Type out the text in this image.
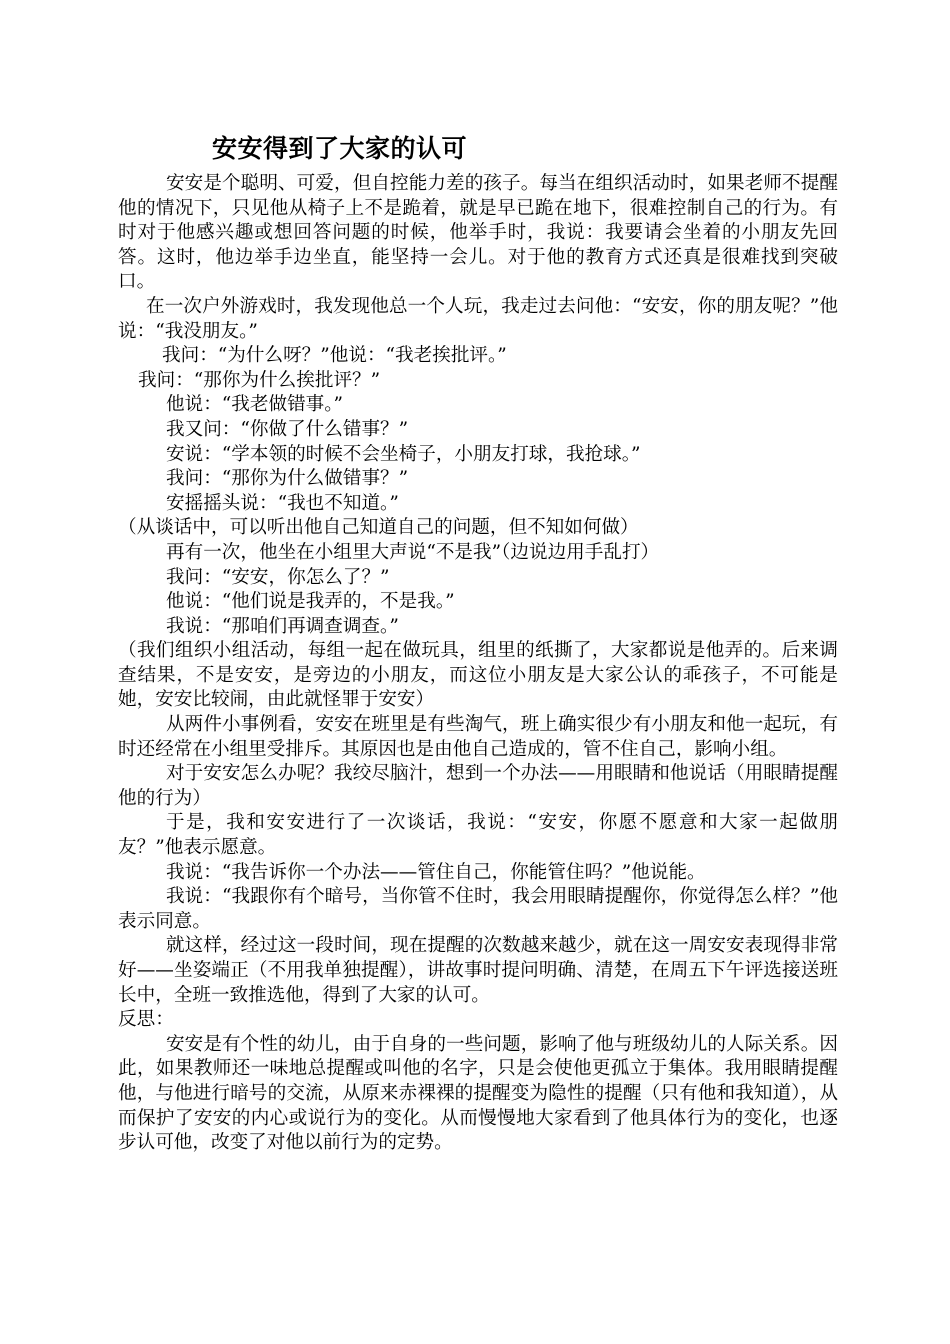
安安得到了大家的认可

安安是个聪明、可爱，但自控能力差的孩子。每当在组织活动时，如果老师不提醒他的情况下，只见他从椅子上不是跪着，就是早已跪在地下，很难控制自己的行为。有时对于他感兴趣或想回答问题的时候，他举手时，我说：我要请会坐着的小朋友先回答。这时，他边举手边坐直，能坚持一会儿。对于他的教育方式还真是很难找到突破口。

在一次户外游戏时，我发现他总一个人玩，我走过去问他：“安安，你的朋友呢？”他说：“我没朋友。”

我问：“为什么呀？”他说：“我老挨批评。”

我问：“那你为什么挨批评？”

他说：“我老做错事。”

我又问：“你做了什么错事？”

安说：“学本领的时候不会坐椅子，小朋友打球，我抢球。”

我问：“那你为什么做错事？”

安摇摇头说：“我也不知道。”

（从谈话中，可以听出他自己知道自己的问题，但不知如何做）

再有一次，他坐在小组里大声说“不是我”（边说边用手乱打）

我问：“安安，你怎么了？”

他说：“他们说是我弄的，不是我。”

我说：“那咱们再调查调查。”

（我们组织小组活动，每组一起在做玩具，组里的纸撕了，大家都说是他弄的。后来调查结果，不是安安，是旁边的小朋友，而这位小朋友是大家公认的乖孩子，不可能是她，安安比较闹，由此就怪罪于安安）

从两件小事例看，安安在班里是有些淘气，班上确实很少有小朋友和他一起玩，有时还经常在小组里受排斥。其原因也是由他自己造成的，管不住自己，影响小组。

对于安安怎么办呢？我绞尽脑汁，想到一个办法——用眼睛和他说话（用眼睛提醒他的行为）

于是，我和安安进行了一次谈话，我说：“安安，你愿不愿意和大家一起做朋友？”他表示愿意。

我说：“我告诉你一个办法——管住自己，你能管住吗？”他说能。

我说：“我跟你有个暗号，当你管不住时，我会用眼睛提醒你，你觉得怎么样？”他表示同意。

就这样，经过这一段时间，现在提醒的次数越来越少，就在这一周安安表现得非常好——坐姿端正（不用我单独提醒），讲故事时提问明确、清楚，在周五下午评选接送班长中，全班一致推选他，得到了大家的认可。

反思：

安安是有个性的幼儿，由于自身的一些问题，影响了他与班级幼儿的人际关系。因此，如果教师还一味地总提醒或叫他的名字，只是会使他更孤立于集体。我用眼睛提醒他，与他进行暗号的交流，从原来赤裸裸的提醒变为隐性的提醒（只有他和我知道），从而保护了安安的内心或说行为的变化。从而慢慢地大家看到了他具体行为的变化，也逐步认可他，改变了对他以前行为的定势。
